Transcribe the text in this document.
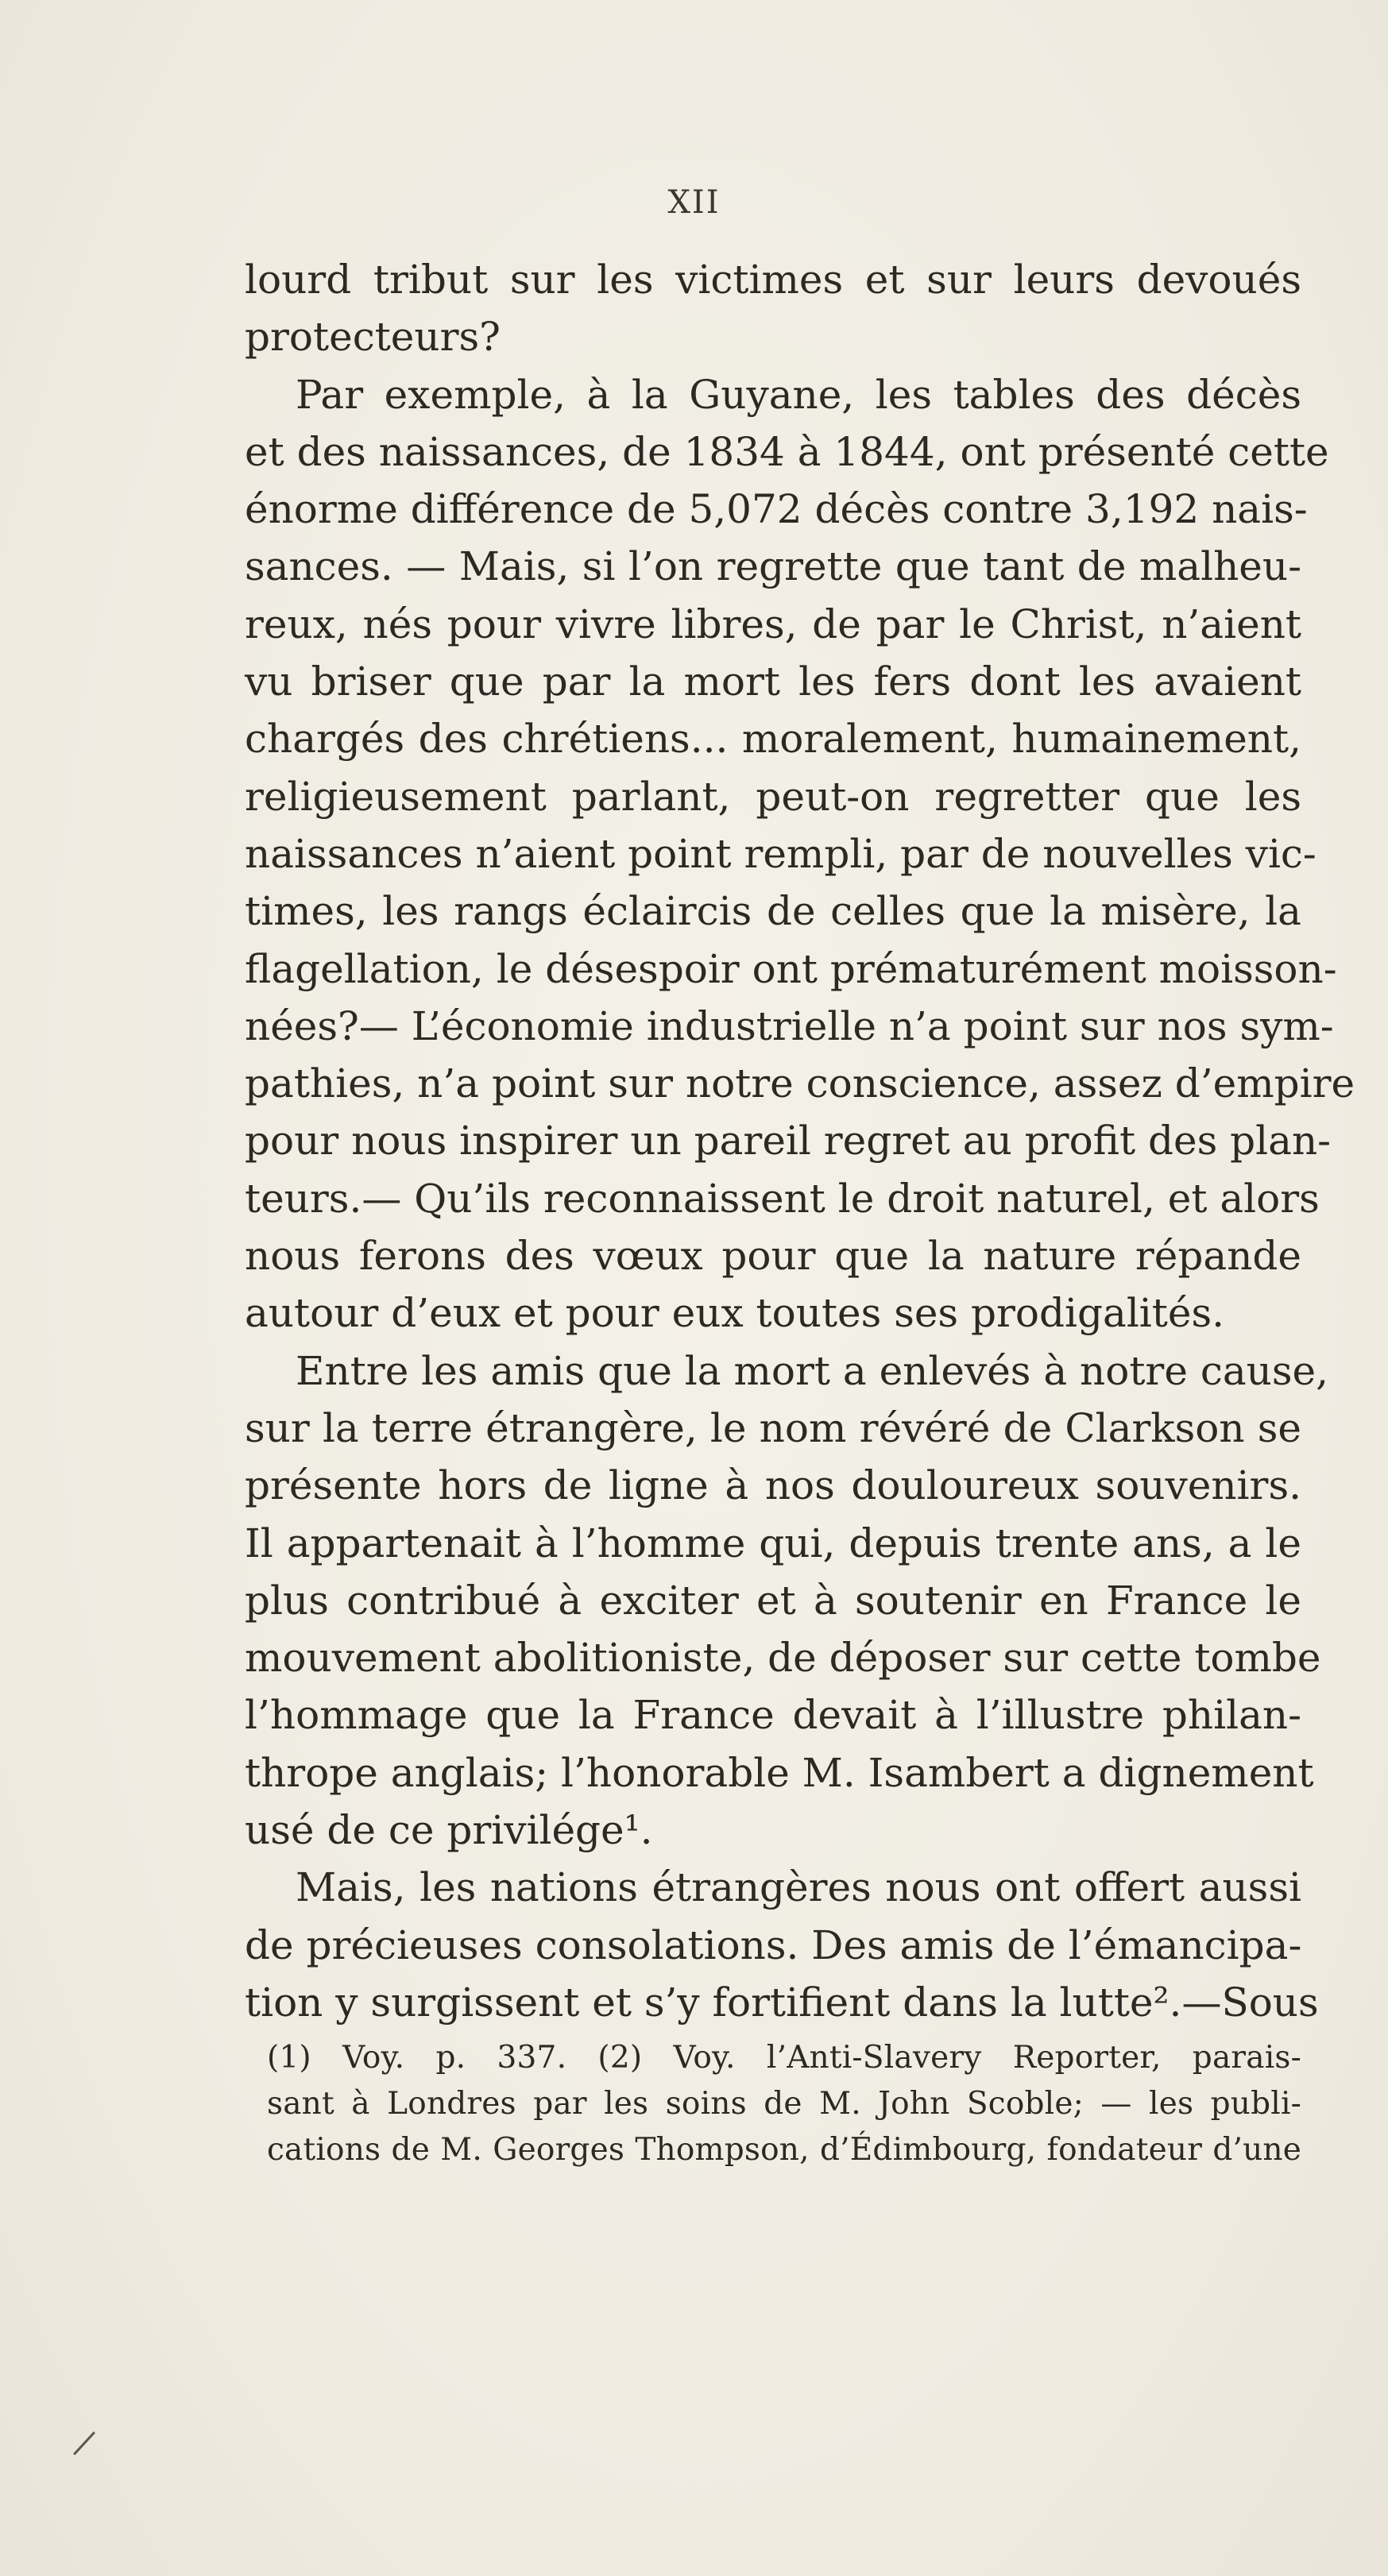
XII
lourd tribut sur les victimes et sur leurs devoués
protecteurs?
Par exemple, à la Guyane, les tables des décès
et des naissances, de 1834 à 1844, ont présenté cette
énorme différence de 5,072 décès contre 3,192 nais-
sances. — Mais, si l’on regrette que tant de malheu-
reux, nés pour vivre libres, de par le Christ, n’aient
vu briser que par la mort les fers dont les avaient
chargés des chrétiens... moralement, humainement,
religieusement parlant, peut-on regretter que les
naissances n’aient point rempli, par de nouvelles vic-
times, les rangs éclaircis de celles que la misère, la
flagellation, le désespoir ont prématurément moisson-
nées?— L’économie industrielle n’a point sur nos sym-
pathies, n’a point sur notre conscience, assez d’empire
pour nous inspirer un pareil regret au profit des plan-
teurs.— Qu’ils reconnaissent le droit naturel, et alors
nous ferons des vœux pour que la nature répande
autour d’eux et pour eux toutes ses prodigalités.
Entre les amis que la mort a enlevés à notre cause,
sur la terre étrangère, le nom révéré de Clarkson se
présente hors de ligne à nos douloureux souvenirs.
Il appartenait à l’homme qui, depuis trente ans, a le
plus contribué à exciter et à soutenir en France le
mouvement abolitioniste, de déposer sur cette tombe
l’hommage que la France devait à l’illustre philan-
thrope anglais; l’honorable M. Isambert a dignement
usé de ce privilége¹.
Mais, les nations étrangères nous ont offert aussi
de précieuses consolations. Des amis de l’émancipa-
tion y surgissent et s’y fortifient dans la lutte².—Sous
(1) Voy. p. 337. (2) Voy. l’Anti-Slavery Reporter, parais-
sant à Londres par les soins de M. John Scoble; — les publi-
cations de M. Georges Thompson, d’Édimbourg, fondateur d’une
